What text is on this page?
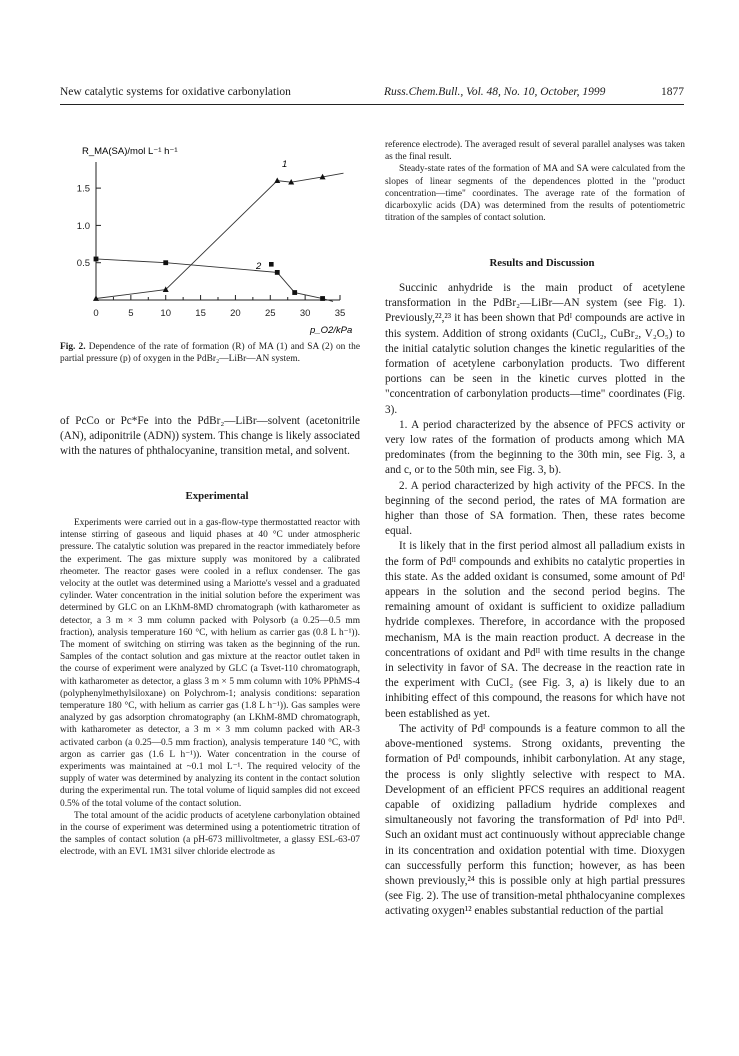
New catalytic systems for oxidative carbonylation	Russ.Chem.Bull., Vol. 48, No. 10, October, 1999	1877
R_MA(SA)/mol L⁻¹ h⁻¹
p_O2/kPa
0	5	10	15	20	25	30	35
0.5
1.0
1.5
1
2
Fig. 2. Dependence of the rate of formation (R) of MA (1) and SA (2) on the partial pressure (p) of oxygen in the PdBr₂—LiBr—AN system.

of PcCo or Pc*Fe into the PdBr₂—LiBr—solvent (acetonitrile (AN), adiponitrile (ADN)) system. This change is likely associated with the natures of phthalocyanine, transition metal, and solvent.

Experimental

Experiments were carried out in a gas-flow-type thermostatted reactor with intense stirring of gaseous and liquid phases at 40 °C under atmospheric pressure. The catalytic solution was prepared in the reactor immediately before the experiment. The gas mixture supply was monitored by a calibrated rheometer. The reactor gases were cooled in a reflux condenser. The gas velocity at the outlet was determined using a Mariotte's vessel and a graduated cylinder. Water concentration in the initial solution before the experiment was determined by GLC on an LKhM-8MD chromatograph (with katharometer as detector, a 3 m × 3 mm column packed with Polysorb (a 0.25—0.5 mm fraction), analysis temperature 160 °C, with helium as carrier gas (0.8 L h⁻¹)). The moment of switching on stirring was taken as the beginning of the run. Samples of the contact solution and gas mixture at the reactor outlet taken in the course of experiment were analyzed by GLC (a Tsvet-110 chromatograph, with katharometer as detector, a glass 3 m × 5 mm column with 10% PPhMS-4 (polyphenylmethylsiloxane) on Polychrom-1; analysis conditions: separation temperature 180 °C, with helium as carrier gas (1.8 L h⁻¹)). Gas samples were analyzed by gas adsorption chromatography (an LKhM-8MD chromatograph, with katharometer as detector, a 3 m × 3 mm column packed with AR-3 activated carbon (a 0.25—0.5 mm fraction), analysis temperature 140 °C, with argon as carrier gas (1.6 L h⁻¹)). Water concentration in the course of experiments was maintained at ~0.1 mol L⁻¹. The required velocity of the supply of water was determined by analyzing its content in the contact solution during the experimental run. The total volume of liquid samples did not exceed 0.5% of the total volume of the contact solution.

The total amount of the acidic products of acetylene carbonylation obtained in the course of experiment was determined using a potentiometric titration of the samples of contact solution (a pH-673 millivoltmeter, a glassy ESL-63-07 electrode, with an EVL 1M31 silver chloride electrode as

reference electrode). The averaged result of several parallel analyses was taken as the final result.

Steady-state rates of the formation of MA and SA were calculated from the slopes of linear segments of the dependences plotted in the "product concentration—time" coordinates. The average rate of the formation of dicarboxylic acids (DA) was determined from the results of potentiometric titration of the samples of contact solution.

Results and Discussion

Succinic anhydride is the main product of acetylene transformation in the PdBr₂—LiBr—AN system (see Fig. 1). Previously,²²,²³ it has been shown that Pdᴵ compounds are active in this system. Addition of strong oxidants (CuCl₂, CuBr₂, V₂O₅) to the initial catalytic solution changes the kinetic regularities of the formation of acetylene carbonylation products. Two different portions can be seen in the kinetic curves plotted in the "concentration of carbonylation products—time" coordinates (Fig. 3).

1. A period characterized by the absence of PFCS activity or very low rates of the formation of products among which MA predominates (from the beginning to the 30th min, see Fig. 3, a and c, or to the 50th min, see Fig. 3, b).

2. A period characterized by high activity of the PFCS. In the beginning of the second period, the rates of MA formation are higher than those of SA formation. Then, these rates become equal.

It is likely that in the first period almost all palladium exists in the form of Pdᴵᴵ compounds and exhibits no catalytic properties in this state. As the added oxidant is consumed, some amount of Pdᴵ appears in the solution and the second period begins. The remaining amount of oxidant is sufficient to oxidize palladium hydride complexes. Therefore, in accordance with the proposed mechanism, MA is the main reaction product. A decrease in the concentrations of oxidant and Pdᴵᴵ with time results in the change in selectivity in favor of SA. The decrease in the reaction rate in the experiment with CuCl₂ (see Fig. 3, a) is likely due to an inhibiting effect of this compound, the reasons for which have not been established as yet.

The activity of Pdᴵ compounds is a feature common to all the above-mentioned systems. Strong oxidants, preventing the formation of Pdᴵ compounds, inhibit carbonylation. At any stage, the process is only slightly selective with respect to MA. Development of an efficient PFCS requires an additional reagent capable of oxidizing palladium hydride complexes and simultaneously not favoring the transformation of Pdᴵ into Pdᴵᴵ. Such an oxidant must act continuously without appreciable change in its concentration and oxidation potential with time. Dioxygen can successfully perform this function; however, as has been shown previously,²⁴ this is possible only at high partial pressures (see Fig. 2). The use of transition-metal phthalocyanine complexes activating oxygen¹² enables substantial reduction of the partial
